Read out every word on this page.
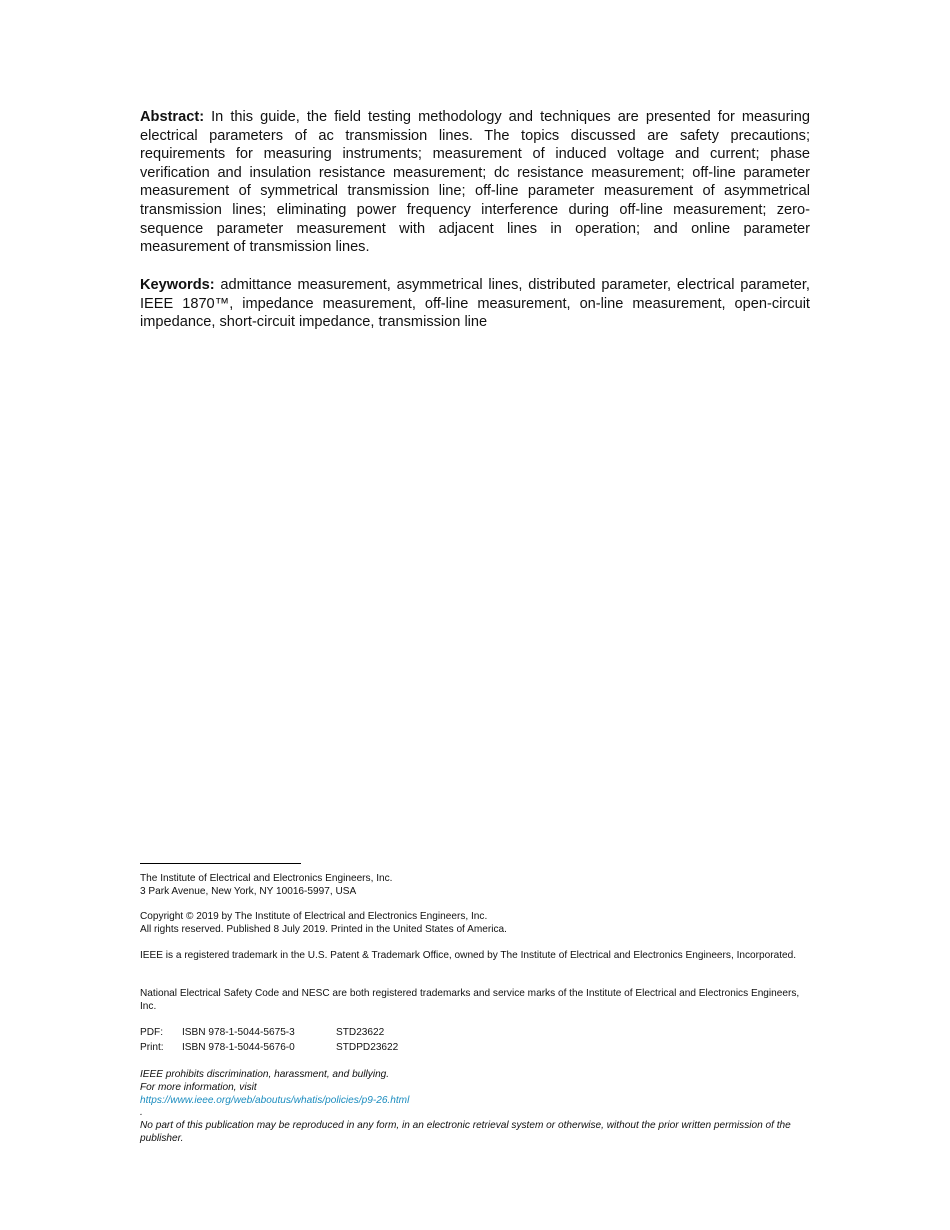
Abstract: In this guide, the field testing methodology and techniques are presented for measuring electrical parameters of ac transmission lines. The topics discussed are safety precautions; requirements for measuring instruments; measurement of induced voltage and current; phase verification and insulation resistance measurement; dc resistance measurement; off-line parameter measurement of symmetrical transmission line; off-line parameter measurement of asymmetrical transmission lines; eliminating power frequency interference during off-line measurement; zero-sequence parameter measurement with adjacent lines in operation; and online parameter measurement of transmission lines.

Keywords: admittance measurement, asymmetrical lines, distributed parameter, electrical parameter, IEEE 1870™, impedance measurement, off-line measurement, on-line measurement, open-circuit impedance, short-circuit impedance, transmission line

The Institute of Electrical and Electronics Engineers, Inc.
3 Park Avenue, New York, NY 10016-5997, USA
Copyright © 2019 by The Institute of Electrical and Electronics Engineers, Inc.
All rights reserved. Published 8 July 2019. Printed in the United States of America.
IEEE is a registered trademark in the U.S. Patent & Trademark Office, owned by The Institute of Electrical and Electronics Engineers, Incorporated.
National Electrical Safety Code and NESC are both registered trademarks and service marks of the Institute of Electrical and Electronics Engineers, Inc.
PDF:	ISBN 978-1-5044-5675-3	STD23622
Print:	ISBN 978-1-5044-5676-0	STDPD23622
IEEE prohibits discrimination, harassment, and bullying.
For more information, visit
https://www.ieee.org/web/aboutus/whatis/policies/p9-26.html
.
No part of this publication may be reproduced in any form, in an electronic retrieval system or otherwise, without the prior written permission of the publisher.
